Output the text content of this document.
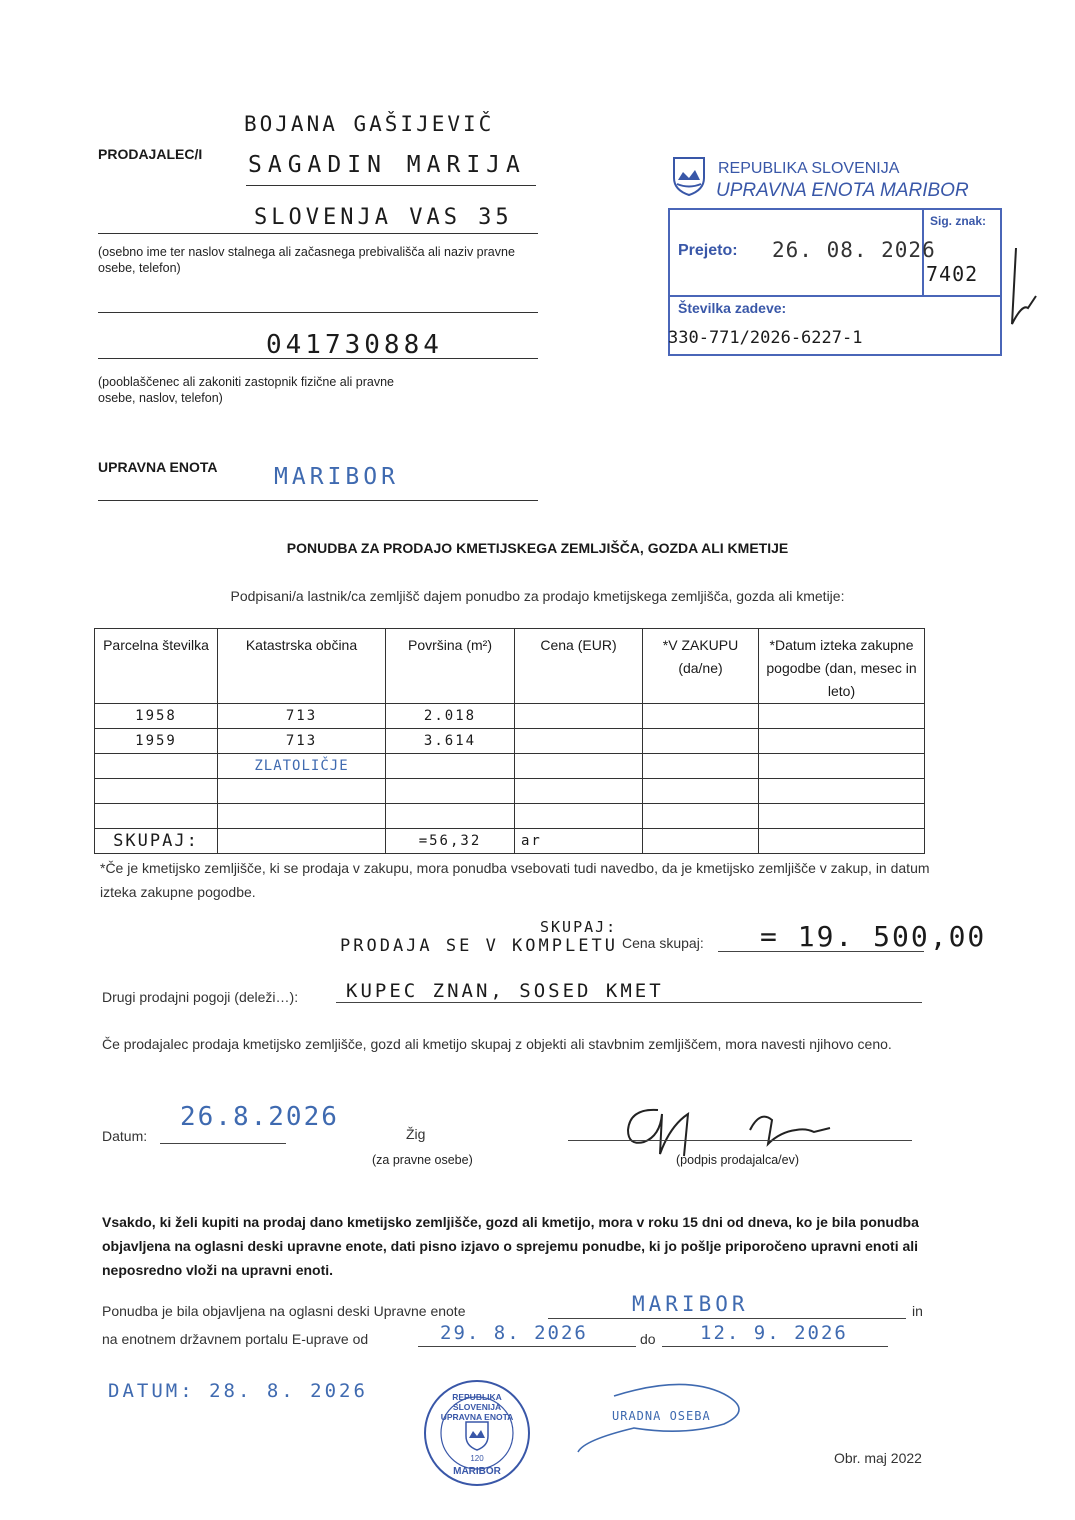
PRODAJALEC/I
BOJANA GAŠIJEVIČ
SAGADIN MARIJA
SLOVENJA VAS 35
(osebno ime ter naslov stalnega ali začasnega prebivališča ali naziv pravne osebe, telefon)
041730884
(pooblaščenec ali zakoniti zastopnik fizične ali pravne osebe, naslov, telefon)
UPRAVNA ENOTA MARIBOR
REPUBLIKA SLOVENIJA
UPRAVNA ENOTA MARIBOR
Prejeto: 26. 08. 2026
Sig. znak:
7402
Številka zadeve:
330-771/2026-6227-1
PONUDBA ZA PRODAJO KMETIJSKEGA ZEMLJIŠČA, GOZDA ALI KMETIJE
Podpisani/a lastnik/ca zemljišč dajem ponudbo za prodajo kmetijskega zemljišča, gozda ali kmetije:
Parcelna številka	Katastrska občina	Površina (m²)	Cena (EUR)	*V ZAKUPU (da/ne)	*Datum izteka zakupne pogodbe (dan, mesec in leto)
1958	713	2.018			
1959	713	3.614			
	ZLATOLIČJE				

SKUPAJ:		=56,32	ar		
*Če je kmetijsko zemljišče, ki se prodaja v zakupu, mora ponudba vsebovati tudi navedbo, da je kmetijsko zemljišče v zakup, in datum izteka zakupne pogodbe.
SKUPAJ:
PRODAJA SE V KOMPLETU Cena skupaj: = 19. 500,00
Drugi prodajni pogoji (deleži…):	KUPEC ZNAN, SOSED KMET
Če prodajalec prodaja kmetijsko zemljišče, gozd ali kmetijo skupaj z objekti ali stavbnim zemljiščem, mora navesti njihovo ceno.
Datum:
26.8.2026
Žig
(za pravne osebe)	(podpis prodajalca/ev)
Vsakdo, ki želi kupiti na prodaj dano kmetijsko zemljišče, gozd ali kmetijo, mora v roku 15 dni od dneva, ko je bila ponudba objavljena na oglasni deski upravne enote, dati pisno izjavo o sprejemu ponudbe, ki jo pošlje priporočeno upravni enoti ali neposredno vloži na upravni enoti.
Ponudba je bila objavljena na oglasni deski Upravne enote	MARIBOR	in
na enotnem državnem portalu E-uprave od	29. 8. 2026	do 12. 9. 2026
DATUM: 28. 8. 2026	REPUBLIKA SLOVENIJA UPRAVNA ENOTA
120
MARIBOR
URADNA OSEBA
Obr. maj 2022
